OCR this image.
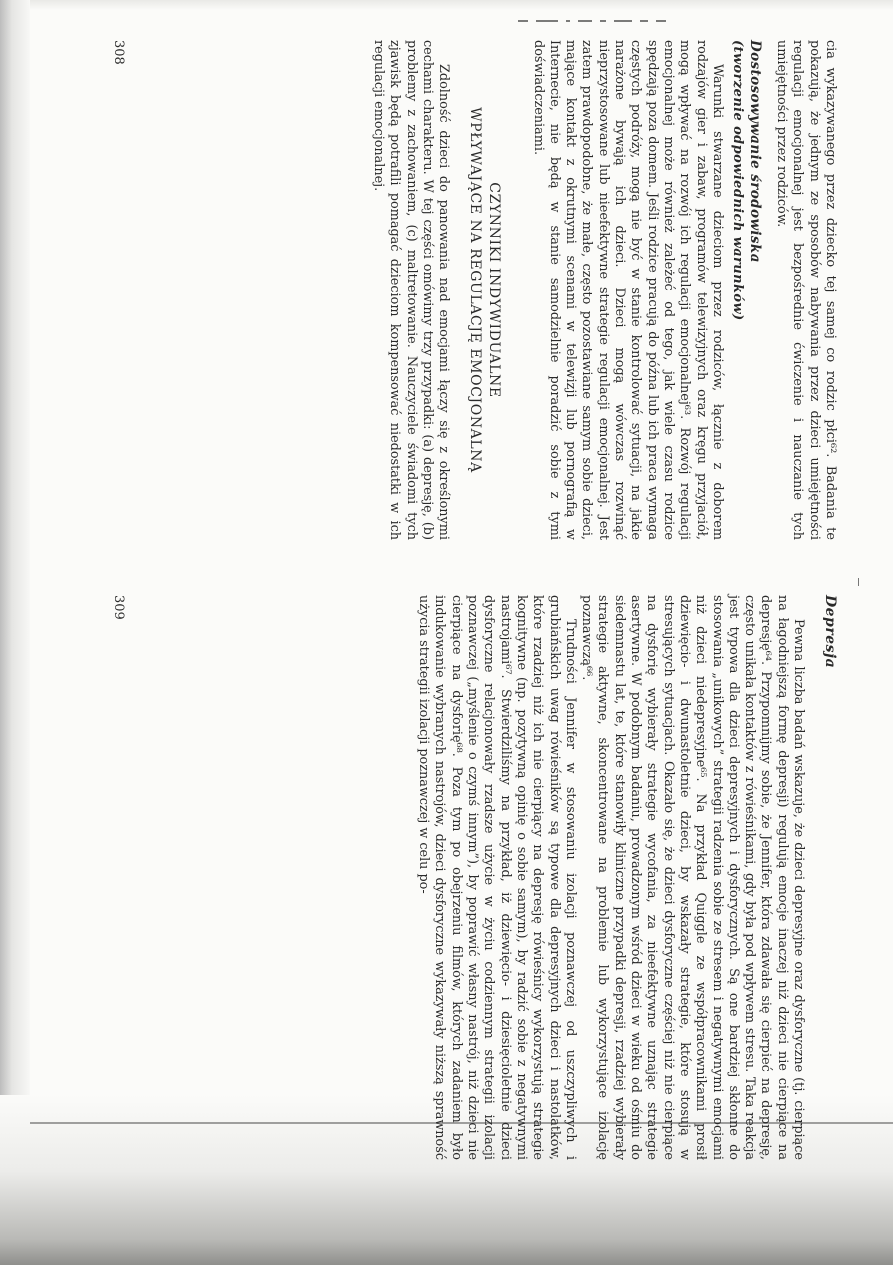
cia wykazywanego przez dziecko tej samej co rodzic płci⁶². Badania te pokazują, że jednym ze sposobów nabywania przez dzieci umiejętności regulacji emocjonalnej jest bezpośrednie ćwiczenie i nauczanie tych umiejętności przez rodziców.

Dostosowywanie środowiska
(tworzenie odpowiednich warunków)

Warunki stwarzane dzieciom przez rodziców, łącznie z doborem rodzajów gier i zabaw, programów telewizyjnych oraz kręgu przyjaciół, mogą wpływać na rozwój ich regulacji emocjonalnej⁶³. Rozwój regulacji emocjonalnej może również zależeć od tego, jak wiele czasu rodzice spędzają poza domem. Jeśli rodzice pracują do późna lub ich praca wymaga częstych podróży, mogą nie być w stanie kontrolować sytuacji, na jakie narażone bywają ich dzieci. Dzieci mogą wówczas rozwinąć nieprzystosowane lub nieefektywne strategie regulacji emocjonalnej. Jest zatem prawdopodobne, że małe, często pozostawiane samym sobie dzieci, mające kontakt z okrutnymi scenami w telewizji lub pornografią w Internecie, nie będą w stanie samodzielnie poradzić sobie z tymi doświadczeniami.

CZYNNIKI INDYWIDUALNE
WPŁYWAJĄCE NA REGULACJĘ EMOCJONALNĄ

Zdolność dzieci do panowania nad emocjami łączy się z określonymi cechami charakteru. W tej części omówimy trzy przypadki: (a) depresję, (b) problemy z zachowaniem, (c) maltretowanie. Nauczyciele świadomi tych zjawisk będą potrafili pomagać dzieciom kompensować niedostatki w ich regulacji emocjonalnej.

308
Depresja

Pewna liczba badań wskazuje, że dzieci depresyjne oraz dysforyczne (tj. cierpiące na łagodniejszą formę depresji) regulują emocje inaczej niż dzieci nie cierpiące na depresję⁶⁴. Przypomnijmy sobie, że Jennifer, która zdawała się cierpieć na depresję, często unikała kontaktów z rówieśnikami, gdy była pod wpływem stresu. Taka reakcja jest typowa dla dzieci depresyjnych i dysforycznych. Są one bardziej skłonne do stosowania „unikowych” strategii radzenia sobie ze stresem i negatywnymi emocjami niż dzieci niedepresyjne⁶⁵. Na przykład Quiggle ze współpracownikami prosił dziewięcio- i dwunastoletnie dzieci, by wskazały strategie, które stosują w stresujących sytuacjach. Okazało się, że dzieci dysforyczne częściej niż nie cierpiące na dysforię wybierały strategie wycofania, za nieefektywne uznając strategie asertywne. W podobnym badaniu, prowadzonym wśród dzieci w wieku od ośmiu do siedemnastu lat, te, które stanowiły kliniczne przypadki depresji, rzadziej wybierały strategie aktywne, skoncentrowane na problemie lub wykorzystujące izolację poznawczą⁶⁶.

Trudności Jennifer w stosowaniu izolacji poznawczej od uszczypliwych i grubiańskich uwag rówieśników są typowe dla depresyjnych dzieci i nastolatków, które rzadziej niż ich nie cierpiący na depresję rówieśnicy wykorzystują strategie kognitywne (np. pozytywną opinię o sobie samym), by radzić sobie z negatywnymi nastrojami⁶⁷. Stwierdziliśmy na przykład, iż dziewięcio- i dziesięcioletnie dzieci dysforyczne relacjonowały rzadsze użycie w życiu codziennym strategii izolacji poznawczej („myślenie o czymś innym”), by poprawić własny nastrój, niż dzieci nie cierpiące na dysforię⁶⁸. Poza tym po obejrzeniu filmów, których zadaniem było indukowanie wybranych nastrojów, dzieci dysforyczne wykazywały niższą sprawność użycia strategii izolacji poznawczej w celu po-

309
